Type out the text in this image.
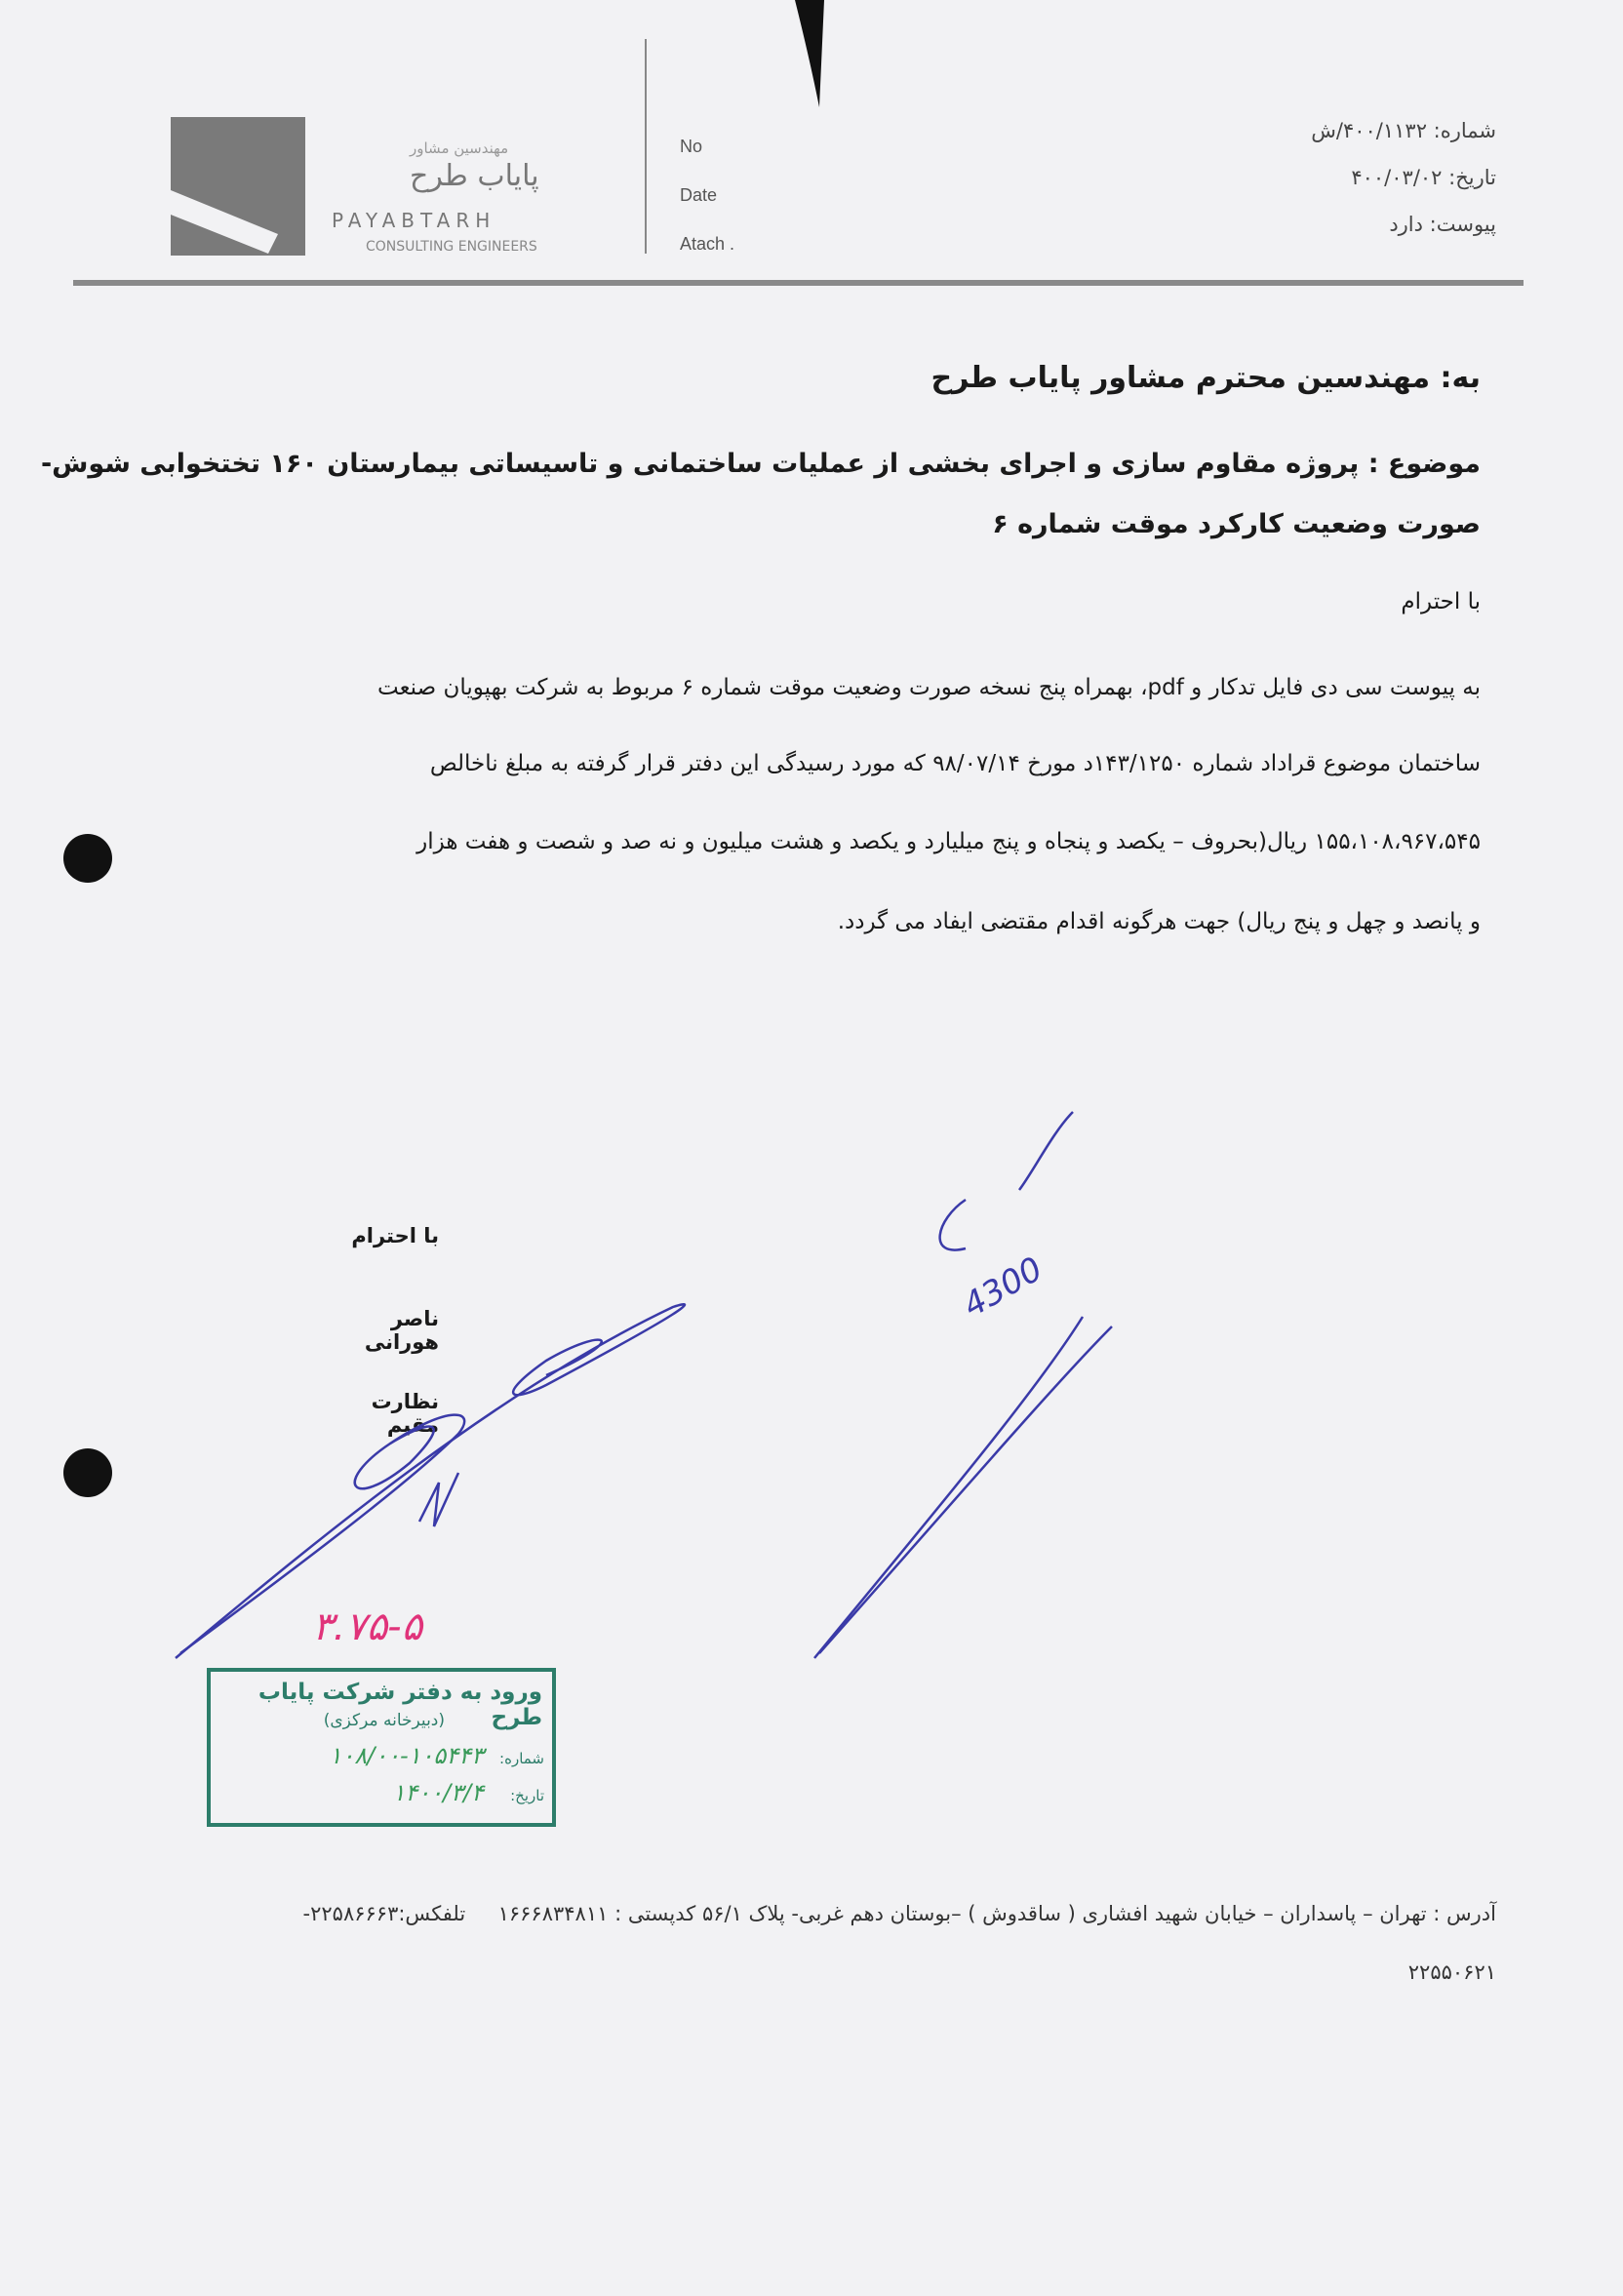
مهندسین مشاور
پایاب طرح
PAYABTARH
CONSULTING ENGINEERS
No
Date
Atach .
شماره: ۴۰۰/۱۱۳۲/ش
تاریخ: ۴۰۰/۰۳/۰۲
پیوست: دارد
به: مهندسین محترم مشاور پایاب طرح
موضوع : پروژه مقاوم سازی و اجرای بخشی از عملیات ساختمانی و تاسیساتی بیمارستان ۱۶۰ تختخوابی شوش-
صورت وضعیت کارکرد موقت شماره ۶
با احترام
به پیوست سی دی فایل تدکار و pdf، بهمراه پنج نسخه صورت وضعیت موقت شماره ۶ مربوط به شرکت بهپویان صنعت
ساختمان موضوع قراداد شماره ۱۴۳/۱۲۵۰د مورخ ۹۸/۰۷/۱۴ که مورد رسیدگی این دفتر قرار گرفته به مبلغ ناخالص
۱۵۵،۱۰۸،۹۶۷،۵۴۵ ریال(بحروف – یکصد و پنجاه و پنج میلیارد و یکصد و هشت میلیون و نه صد و شصت و هفت هزار
و پانصد و چهل و پنج ریال) جهت هرگونه اقدام مقتضی ایفاد می گردد.
با احترام
ناصر هورانی
نظارت مقیم
4300
۳.۷۵-۵
ورود به دفتر شرکت پایاب طرح
(دبیرخانه مرکزی)
شماره:
۱۰۸/۰۰-۱۰۵۴۴۳
تاریخ:
۱۴۰۰/۳/۴
آدرس : تهران – پاسداران – خیابان شهید افشاری ( ساقدوش ) –بوستان دهم غربی- پلاک ۵۶/۱ کدپستی : ۱۶۶۶۸۳۴۸۱۱     تلفکس:۲۲۵۸۶۶۶۳-
۲۲۵۵۰۶۲۱
